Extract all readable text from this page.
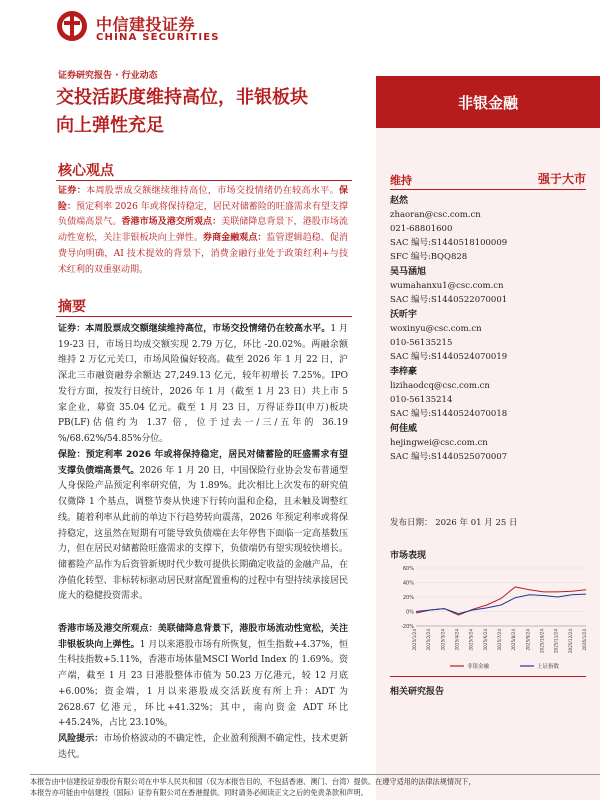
中信建投证券
CHINA SECURITIES
证券研究报告 · 行业动态
交投活跃度维持高位，非银板块
向上弹性充足
非银金融
核心观点
证券：本周股票成交额继续维持高位，市场交投情绪仍在较高水平。保险：预定利率 2026 年或将保持稳定，居民对储蓄险的旺盛需求有望支撑负债端高景气。香港市场及港交所观点：美联储降息背景下，港股市场流动性宽松，关注非银板块向上弹性。券商金融观点：监管逻辑趋稳、促消费导向明确，AI 技术提效的背景下，消费金融行业处于政策红利+与技术红利的双重驱动期。
摘要
证券：本周股票成交额继续维持高位，市场交投情绪仍在较高水平。1 月 19-23 日，市场日均成交额实现 2.79 万亿，环比 -20.02%。两融余额维持 2 万亿元关口，市场风险偏好较高。截至 2026 年 1 月 22 日，沪深北三市融资融券余额达 27,249.13 亿元，较年初增长 7.25%。IPO 发行方面，按发行日统计，2026 年 1 月（截至 1 月 23 日）共上市 5 家企业，募资 35.04 亿元。截至 1 月 23 日，万得证券II(申万)板块 PB(LF)估值约为 1.37 倍，位于过去一/三/五年的 36.19 %/68.62%/54.85%分位。
保险：预定利率 2026 年或将保持稳定，居民对储蓄险的旺盛需求有望支撑负债端高景气。2026 年 1 月 20 日，中国保险行业协会发布普通型人身保险产品预定利率研究值，为 1.89%。此次相比上次发布的研究值仅微降 1 个基点，调整节奏从快速下行转向温和企稳，且未触及调整红线。随着利率从此前的单边下行趋势转向震荡，2026 年预定利率或将保持稳定，这虽然在短期有可能导致负债端在去年停售下面临一定高基数压力，但在居民对储蓄险旺盛需求的支撑下，负债端仍有望实现较快增长。储蓄险产品作为后资管新规时代少数可提供长期确定收益的金融产品，在净值化转型、非标转标驱动居民财富配置重构的过程中有望持续承接居民庞大的稳健投资需求。
香港市场及港交所观点：美联储降息背景下，港股市场流动性宽松，关注非银板块向上弹性。1 月以来港股市场有所恢复，恒生指数+4.37%，恒生科技指数+5.11%，香港市场体量MSCI World Index 的 1.69%。资产端，截至 1 月 23 日港股整体市值为 50.23 万亿港元，较 12 月底+6.00%；资金端，1 月以来港股成交活跃度有所上升：ADT 为 2628.67 亿港元，环比+41.32%；其中，南向资金 ADT 环比+45.24%，占比 23.10%。
风险提示：市场价格波动的不确定性，企业盈利预测不确定性，技术更新迭代。
维持	强于大市
赵然
zhaoran@csc.com.cn
021-68801600
SAC 编号:S1440518100009
SFC 编号:BQQ828
吴马涵旭
wumahanxu1@csc.com.cn
SAC 编号:S1440522070001
沃昕宇
woxinyu@csc.com.cn
010-56135215
SAC 编号:S1440524070019
李梓豪
lizihaodcq@csc.com.cn
010-56135214
SAC 编号:S1440524070018
何佳威
hejingwei@csc.com.cn
SAC 编号:S1440525070007
发布日期： 2026 年 01 月 25 日
市场表现
60%
40%
20%
0%
-20%
2025/1/24 2025/2/24 2025/3/24 2025/4/24 2025/5/24 2025/6/24 2025/7/24 2025/8/24 2025/9/24 2025/10/24 2025/11/24 2025/12/24 2026/1/24
非银金融	上证指数
相关研究报告
本报告由中信建投证券股份有限公司在中华人民共和国（仅为本报告目的，不包括香港、澳门、台湾）提供。在遵守适用的法律法规情况下，
本报告亦可能由中信建投（国际）证券有限公司在香港提供。同时请务必阅读正文之后的免责条款和声明。
